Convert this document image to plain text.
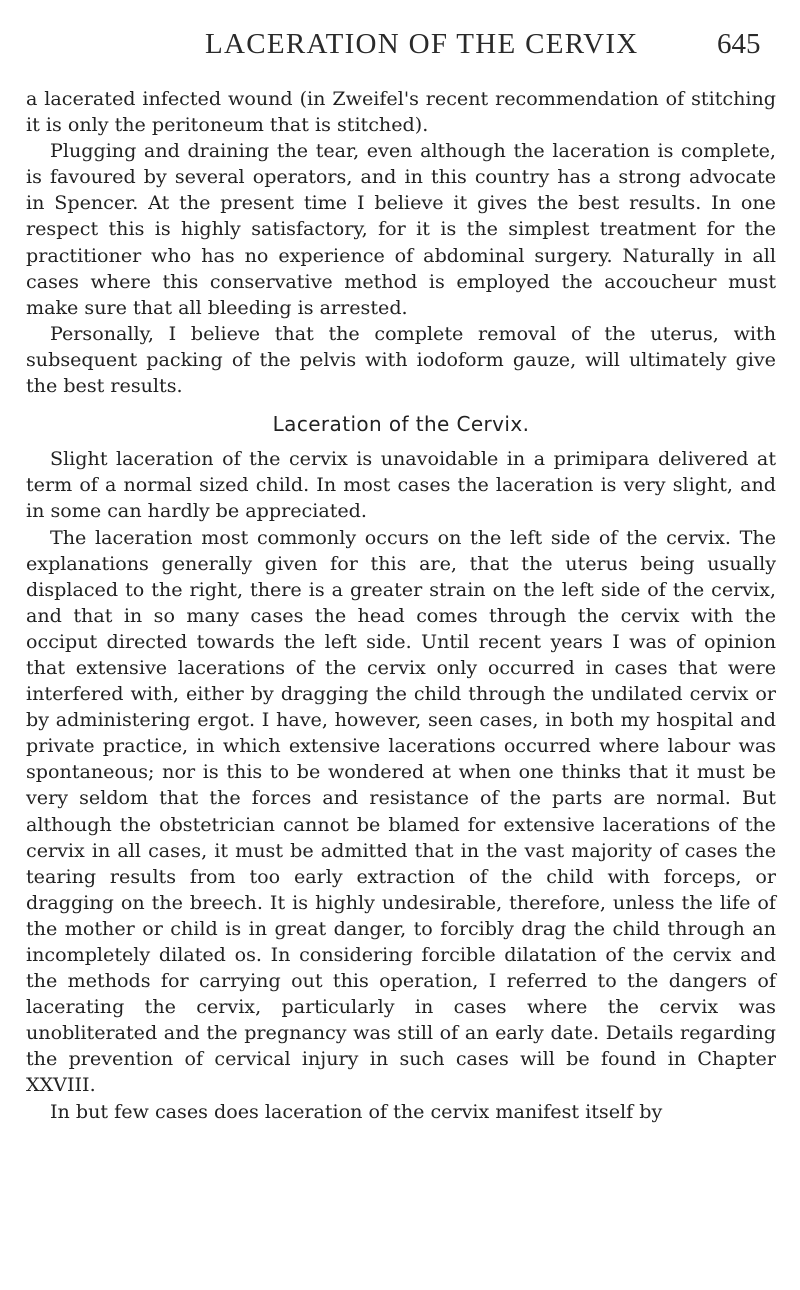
LACERATION OF THE CERVIX	645

a lacerated infected wound (in Zweifel's recent recommendation of stitching it is only the peritoneum that is stitched).

Plugging and draining the tear, even although the laceration is complete, is favoured by several operators, and in this country has a strong advocate in Spencer. At the present time I believe it gives the best results. In one respect this is highly satisfactory, for it is the simplest treatment for the practitioner who has no experience of abdominal surgery. Naturally in all cases where this conservative method is employed the accoucheur must make sure that all bleeding is arrested.

Personally, I believe that the complete removal of the uterus, with subsequent packing of the pelvis with iodoform gauze, will ultimately give the best results.

Laceration of the Cervix.

Slight laceration of the cervix is unavoidable in a primipara delivered at term of a normal sized child. In most cases the laceration is very slight, and in some can hardly be appreciated.

The laceration most commonly occurs on the left side of the cervix. The explanations generally given for this are, that the uterus being usually displaced to the right, there is a greater strain on the left side of the cervix, and that in so many cases the head comes through the cervix with the occiput directed towards the left side. Until recent years I was of opinion that extensive lacerations of the cervix only occurred in cases that were interfered with, either by dragging the child through the undilated cervix or by administering ergot. I have, however, seen cases, in both my hospital and private practice, in which extensive lacerations occurred where labour was spontaneous; nor is this to be wondered at when one thinks that it must be very seldom that the forces and resistance of the parts are normal. But although the obstetrician cannot be blamed for extensive lacerations of the cervix in all cases, it must be admitted that in the vast majority of cases the tearing results from too early extraction of the child with forceps, or dragging on the breech. It is highly undesirable, therefore, unless the life of the mother or child is in great danger, to forcibly drag the child through an incompletely dilated os. In considering forcible dilatation of the cervix and the methods for carrying out this operation, I referred to the dangers of lacerating the cervix, particularly in cases where the cervix was unobliterated and the pregnancy was still of an early date. Details regarding the prevention of cervical injury in such cases will be found in Chapter XXVIII.

In but few cases does laceration of the cervix manifest itself by
